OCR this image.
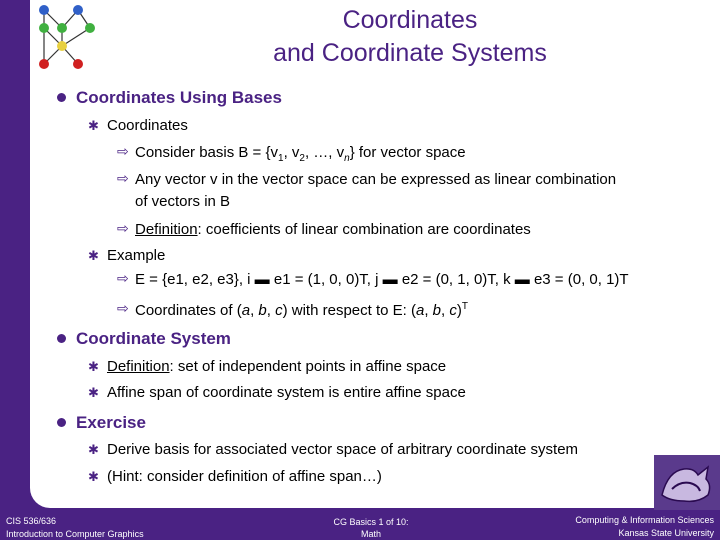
Coordinates
and Coordinate Systems
Coordinates Using Bases
✱ Coordinates
⇨ Consider basis $B = \{v_1$, $v_2$, …, $v_n$} for vector space
⇨ Any vector v in the vector space can be expressed as linear combination
of vectors in B
⇨ Definition: coefficients of linear combination are coordinates
✱ Example
⇨ E = {e1, e2, e3}, i ▬ e1 = (1, 0, 0)T, j ▬ e2 = (0, 1, 0)T, k ▬ e3 = (0, 0, 1)T
⇨ Coordinates of (a, b, c) with respect to E: (a, b, c)$^T$
Coordinate System
✱ Definition: set of independent points in affine space
✱ Affine span of coordinate system is entire affine space
Exercise
✱ Derive basis for associated vector space of arbitrary coordinate system
✱ (Hint: consider definition of affine span…)
CIS 536/636
Introduction to Computer Graphics
CG Basics 1 of 10:
Math
Computing & Information Sciences
Kansas State University
